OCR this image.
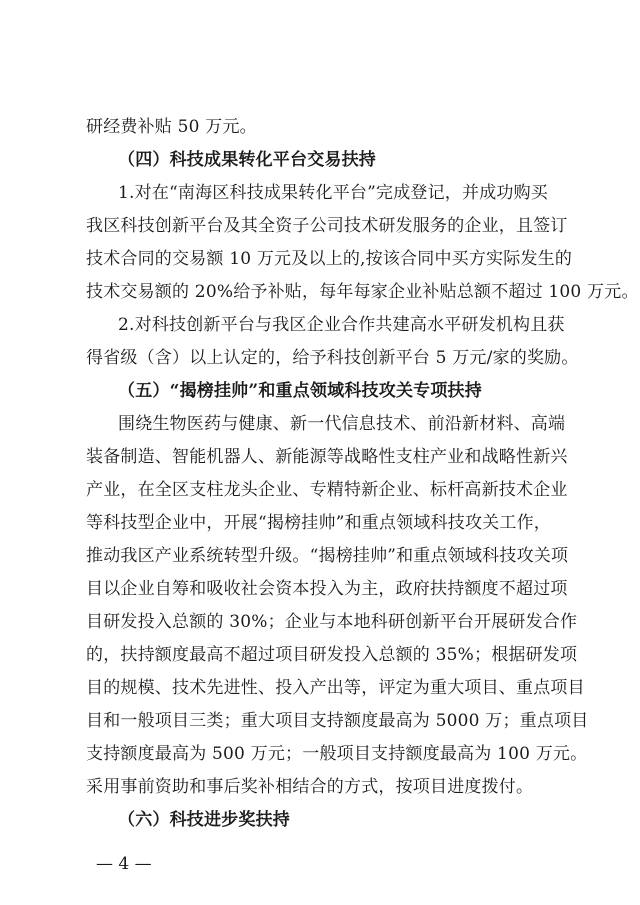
研经费补贴 50 万元。
（四）科技成果转化平台交易扶持
1.对在“南海区科技成果转化平台”完成登记，并成功购买
我区科技创新平台及其全资子公司技术研发服务的企业，且签订
技术合同的交易额 10 万元及以上的,按该合同中买方实际发生的
技术交易额的 20%给予补贴，每年每家企业补贴总额不超过 100 万元。
2.对科技创新平台与我区企业合作共建高水平研发机构且获
得省级（含）以上认定的，给予科技创新平台 5 万元/家的奖励。
（五）“揭榜挂帅”和重点领域科技攻关专项扶持
围绕生物医药与健康、新一代信息技术、前沿新材料、高端
装备制造、智能机器人、新能源等战略性支柱产业和战略性新兴
产业，在全区支柱龙头企业、专精特新企业、标杆高新技术企业
等科技型企业中，开展“揭榜挂帅”和重点领域科技攻关工作，
推动我区产业系统转型升级。“揭榜挂帅”和重点领域科技攻关项
目以企业自筹和吸收社会资本投入为主，政府扶持额度不超过项
目研发投入总额的 30%；企业与本地科研创新平台开展研发合作
的，扶持额度最高不超过项目研发投入总额的 35%；根据研发项
目的规模、技术先进性、投入产出等，评定为重大项目、重点项目
目和一般项目三类；重大项目支持额度最高为 5000 万；重点项目
支持额度最高为 500 万元；一般项目支持额度最高为 100 万元。
采用事前资助和事后奖补相结合的方式，按项目进度拨付。
（六）科技进步奖扶持
— 4 —
